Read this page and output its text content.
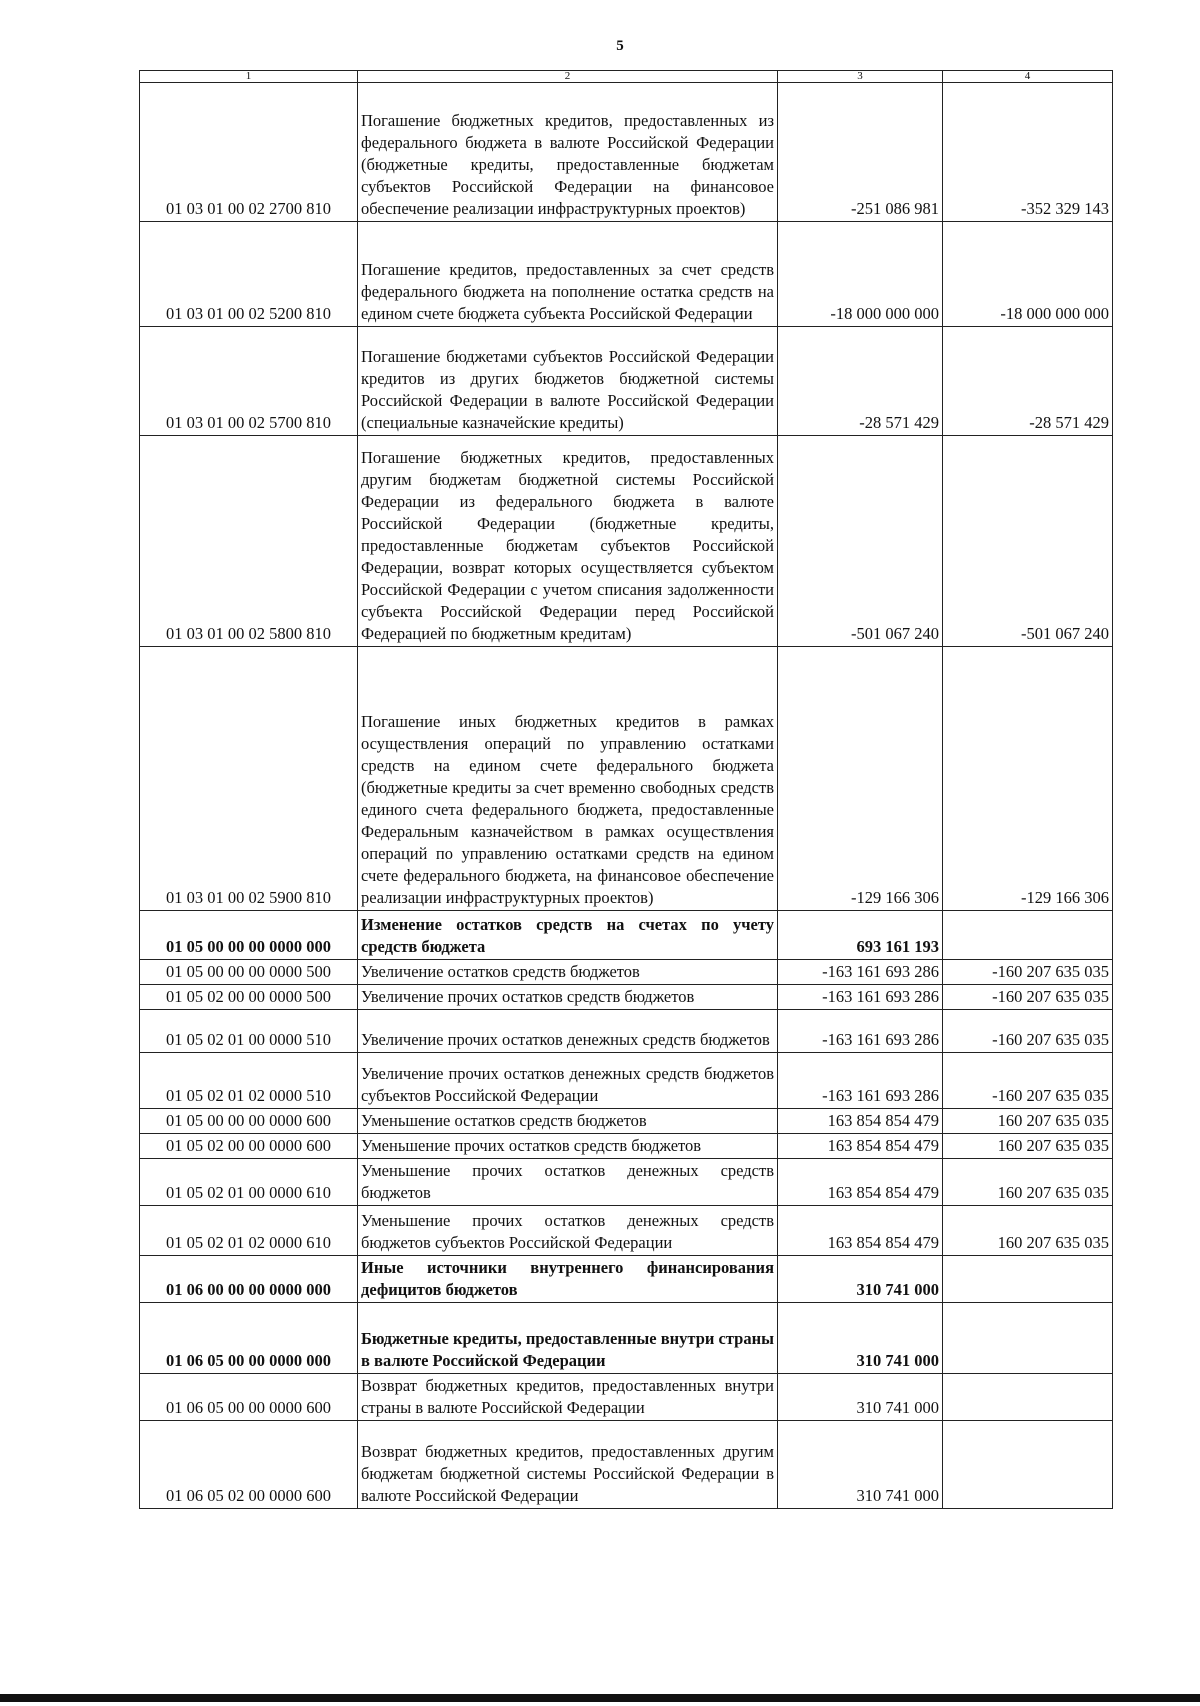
5
1	2	3	4
01 03 01 00 02 2700 810	Погашение бюджетных кредитов, предоставленных из федерального бюджета в валюте Российской Федерации (бюджетные кредиты, предоставленные бюджетам субъектов Российской Федерации на финансовое обеспечение реализации инфраструктурных проектов)	-251 086 981	-352 329 143
01 03 01 00 02 5200 810	Погашение кредитов, предоставленных за счет средств федерального бюджета на пополнение остатка средств на едином счете бюджета субъекта Российской Федерации	-18 000 000 000	-18 000 000 000
01 03 01 00 02 5700 810	Погашение бюджетами субъектов Российской Федерации кредитов из других бюджетов бюджетной системы Российской Федерации в валюте Российской Федерации (специальные казначейские кредиты)	-28 571 429	-28 571 429
01 03 01 00 02 5800 810	Погашение бюджетных кредитов, предоставленных другим бюджетам бюджетной системы Российской Федерации из федерального бюджета в валюте Российской Федерации (бюджетные кредиты, предоставленные бюджетам субъектов Российской Федерации, возврат которых осуществляется субъектом Российской Федерации с учетом списания задолженности субъекта Российской Федерации перед Российской Федерацией по бюджетным кредитам)	-501 067 240	-501 067 240
01 03 01 00 02 5900 810	Погашение иных бюджетных кредитов в рамках осуществления операций по управлению остатками средств на едином счете федерального бюджета (бюджетные кредиты за счет временно свободных средств единого счета федерального бюджета, предоставленные Федеральным казначейством в рамках осуществления операций по управлению остатками средств на едином счете федерального бюджета, на финансовое обеспечение реализации инфраструктурных проектов)	-129 166 306	-129 166 306
01 05 00 00 00 0000 000	Изменение остатков средств на счетах по учету средств бюджета	693 161 193	
01 05 00 00 00 0000 500	Увеличение остатков средств бюджетов	-163 161 693 286	-160 207 635 035
01 05 02 00 00 0000 500	Увеличение прочих остатков средств бюджетов	-163 161 693 286	-160 207 635 035
01 05 02 01 00 0000 510	Увеличение прочих остатков денежных средств бюджетов	-163 161 693 286	-160 207 635 035
01 05 02 01 02 0000 510	Увеличение прочих остатков денежных средств бюджетов субъектов Российской Федерации	-163 161 693 286	-160 207 635 035
01 05 00 00 00 0000 600	Уменьшение остатков средств бюджетов	163 854 854 479	160 207 635 035
01 05 02 00 00 0000 600	Уменьшение прочих остатков средств бюджетов	163 854 854 479	160 207 635 035
01 05 02 01 00 0000 610	Уменьшение прочих остатков денежных средств бюджетов	163 854 854 479	160 207 635 035
01 05 02 01 02 0000 610	Уменьшение прочих остатков денежных средств бюджетов субъектов Российской Федерации	163 854 854 479	160 207 635 035
01 06 00 00 00 0000 000	Иные источники внутреннего финансирования дефицитов бюджетов	310 741 000	
01 06 05 00 00 0000 000	Бюджетные кредиты, предоставленные внутри страны в валюте Российской Федерации	310 741 000	
01 06 05 00 00 0000 600	Возврат бюджетных кредитов, предоставленных внутри страны в валюте Российской Федерации	310 741 000	
01 06 05 02 00 0000 600	Возврат бюджетных кредитов, предоставленных другим бюджетам бюджетной системы Российской Федерации в валюте Российской Федерации	310 741 000	
